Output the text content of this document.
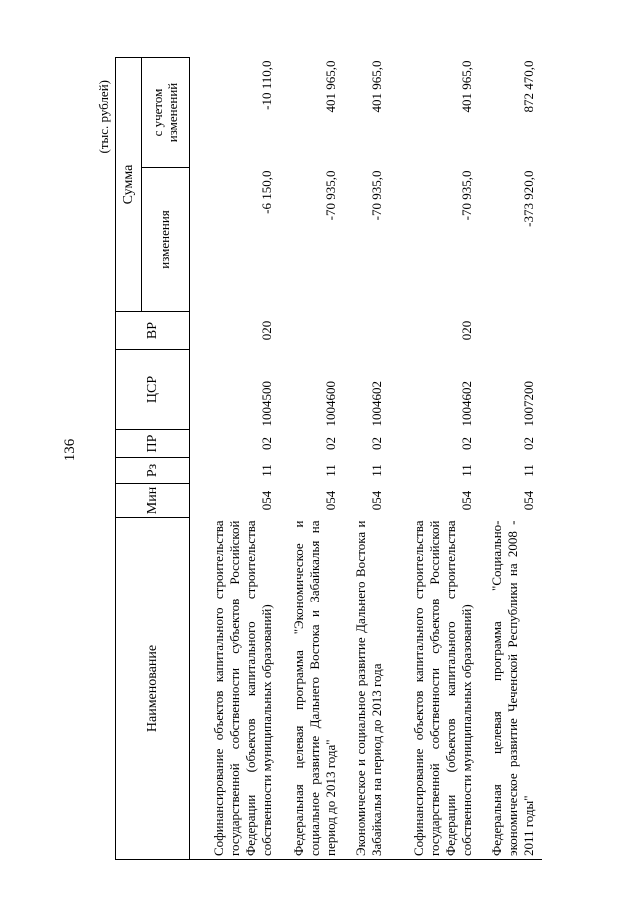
136
(тыс. рублей)
Наименование	Мин	Рз	ПР	ЦСР	ВР	Сумма	
						изменения	с учетом изменений
Софинансирование объектов капитального строительства государственной собственности субъектов Российской Федерации (объектов капитального строительства собственности муниципальных образований)	054	11	02	1004500	020	-6 150,0	-10 110,0
Федеральная целевая программа "Экономическое и социальное развитие Дальнего Востока и Забайкалья на период до 2013 года"	054	11	02	1004600		-70 935,0	401 965,0
Экономическое и социальное развитие Дальнего Востока и Забайкалья на период до 2013 года	054	11	02	1004602		-70 935,0	401 965,0
Софинансирование объектов капитального строительства государственной собственности субъектов Российской Федерации (объектов капитального строительства собственности муниципальных образований)	054	11	02	1004602	020	-70 935,0	401 965,0
Федеральная целевая программа "Социально-экономическое развитие Чеченской Республики на 2008 - 2011 годы"	054	11	02	1007200		-373 920,0	872 470,0
